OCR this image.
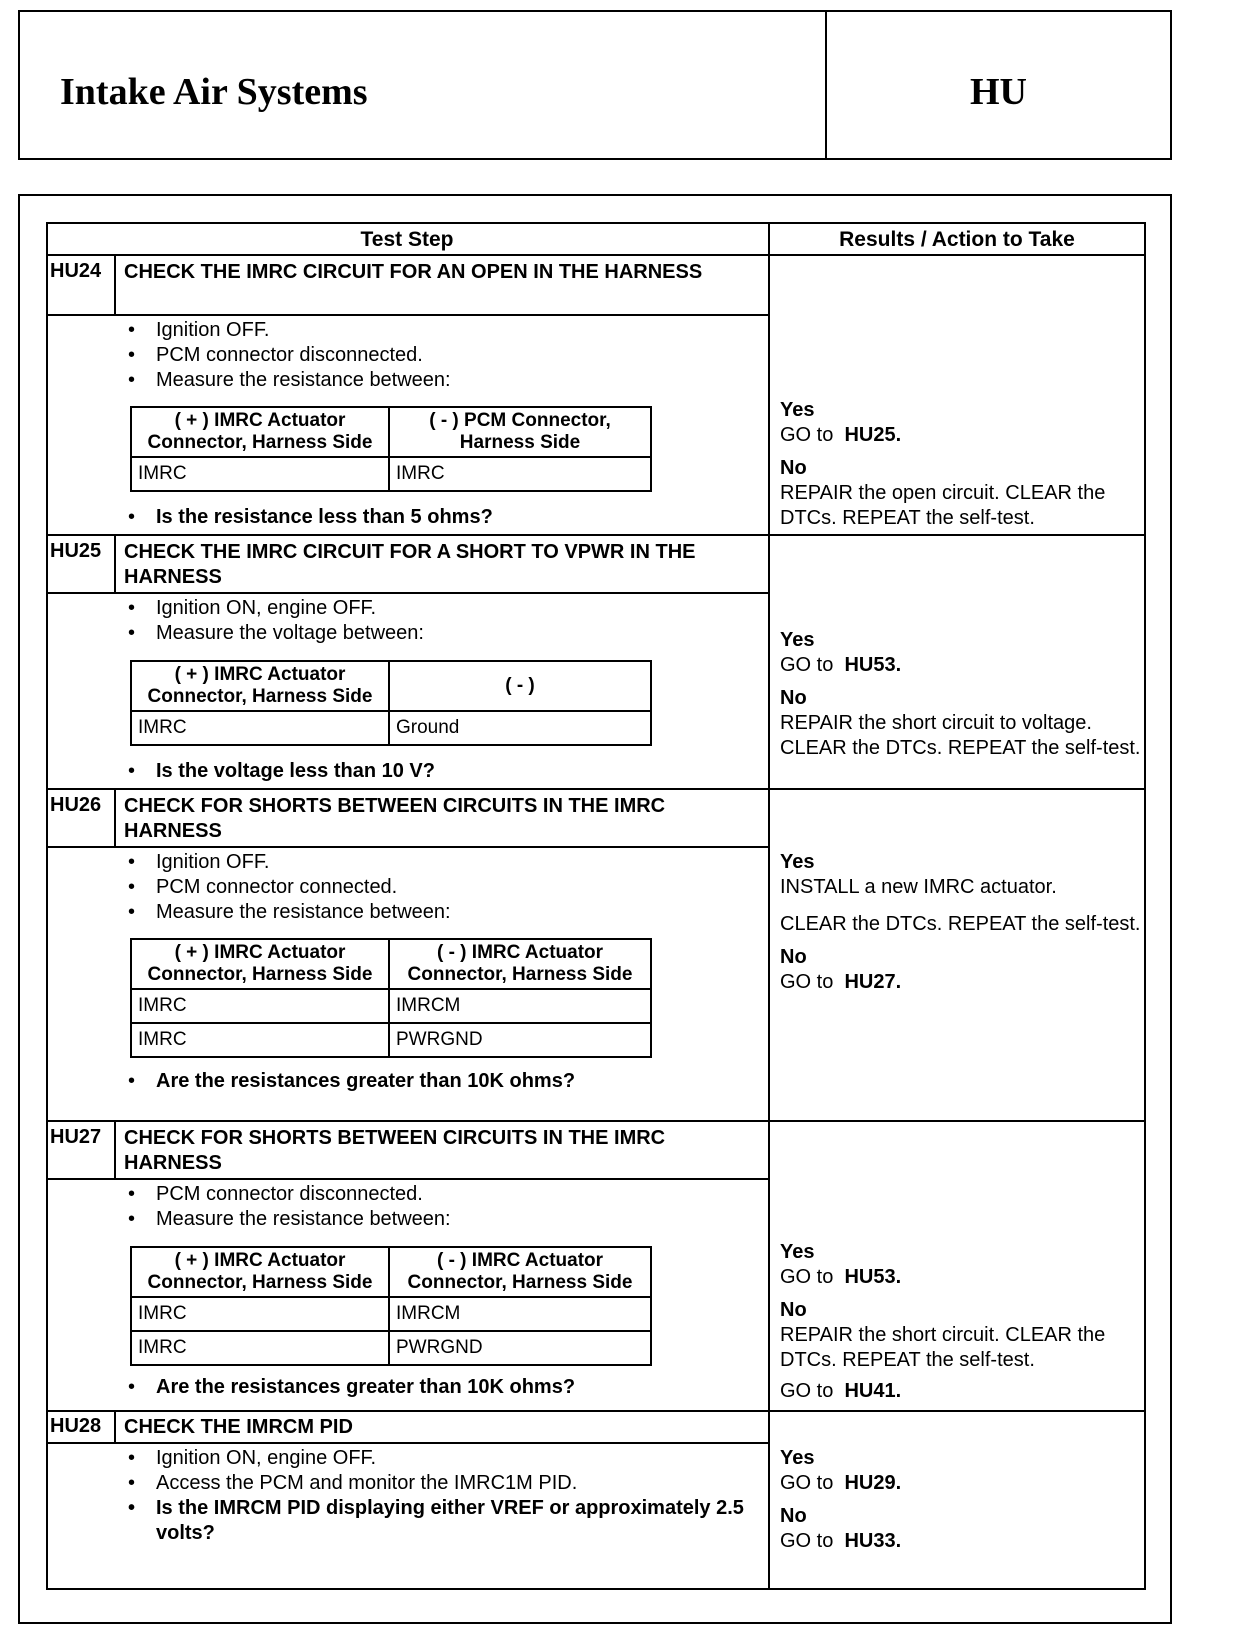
Intake Air Systems	HU
Test Step	Results / Action to Take
HU24 CHECK THE IMRC CIRCUIT FOR AN OPEN IN THE HARNESS
• Ignition OFF.
• PCM connector disconnected.
• Measure the resistance between:
( + ) IMRC Actuator Connector, Harness Side	( - ) PCM Connector, Harness Side
IMRC	IMRC
• Is the resistance less than 5 ohms?
Yes
GO to HU25.
No
REPAIR the open circuit. CLEAR the DTCs. REPEAT the self-test.
HU25 CHECK THE IMRC CIRCUIT FOR A SHORT TO VPWR IN THE HARNESS
• Ignition ON, engine OFF.
• Measure the voltage between:
( + ) IMRC Actuator Connector, Harness Side	( - )
IMRC	Ground
• Is the voltage less than 10 V?
Yes
GO to HU53.
No
REPAIR the short circuit to voltage. CLEAR the DTCs. REPEAT the self-test.
HU26 CHECK FOR SHORTS BETWEEN CIRCUITS IN THE IMRC HARNESS
• Ignition OFF.
• PCM connector connected.
• Measure the resistance between:
( + ) IMRC Actuator Connector, Harness Side	( - ) IMRC Actuator Connector, Harness Side
IMRC	IMRCM
IMRC	PWRGND
• Are the resistances greater than 10K ohms?
Yes
INSTALL a new IMRC actuator.
CLEAR the DTCs. REPEAT the self-test.
No
GO to HU27.
HU27 CHECK FOR SHORTS BETWEEN CIRCUITS IN THE IMRC HARNESS
• PCM connector disconnected.
• Measure the resistance between:
( + ) IMRC Actuator Connector, Harness Side	( - ) IMRC Actuator Connector, Harness Side
IMRC	IMRCM
IMRC	PWRGND
• Are the resistances greater than 10K ohms?
Yes
GO to HU53.
No
REPAIR the short circuit. CLEAR the DTCs. REPEAT the self-test.
GO to HU41.
HU28 CHECK THE IMRCM PID
• Ignition ON, engine OFF.
• Access the PCM and monitor the IMRC1M PID.
• Is the IMRCM PID displaying either VREF or approximately 2.5 volts?
Yes
GO to HU29.
No
GO to HU33.
